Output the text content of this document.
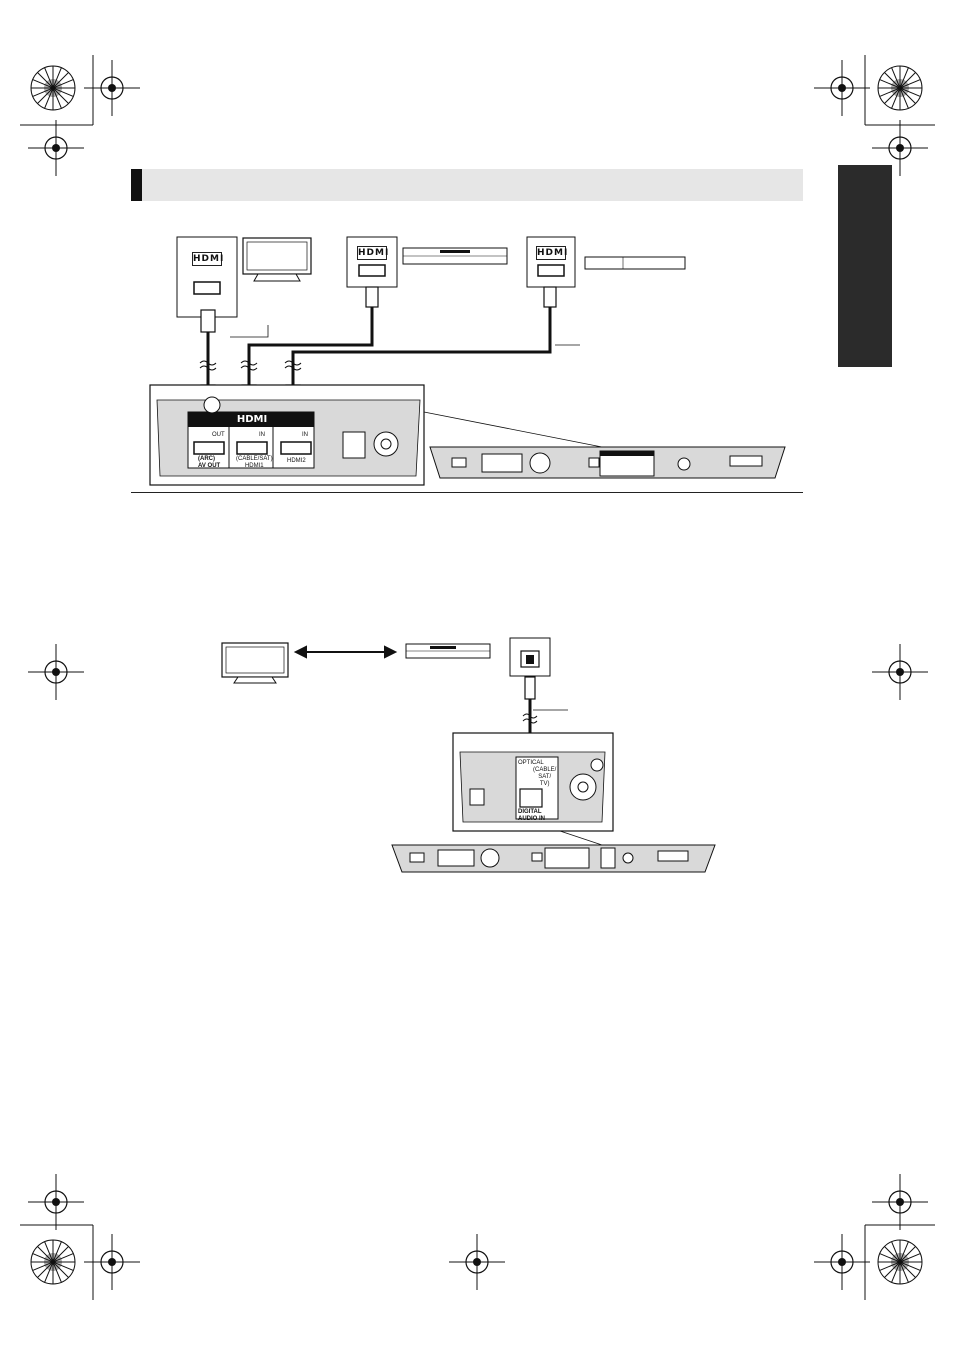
HDMI
HDMI	HDMI
HDMI
OUT	IN	IN
(ARC)
AV OUT
(CABLE/SAT)
HDMI1
HDMI2
OPTICAL
(CABLE/
SAT/
TV)
DIGITAL
AUDIO IN
